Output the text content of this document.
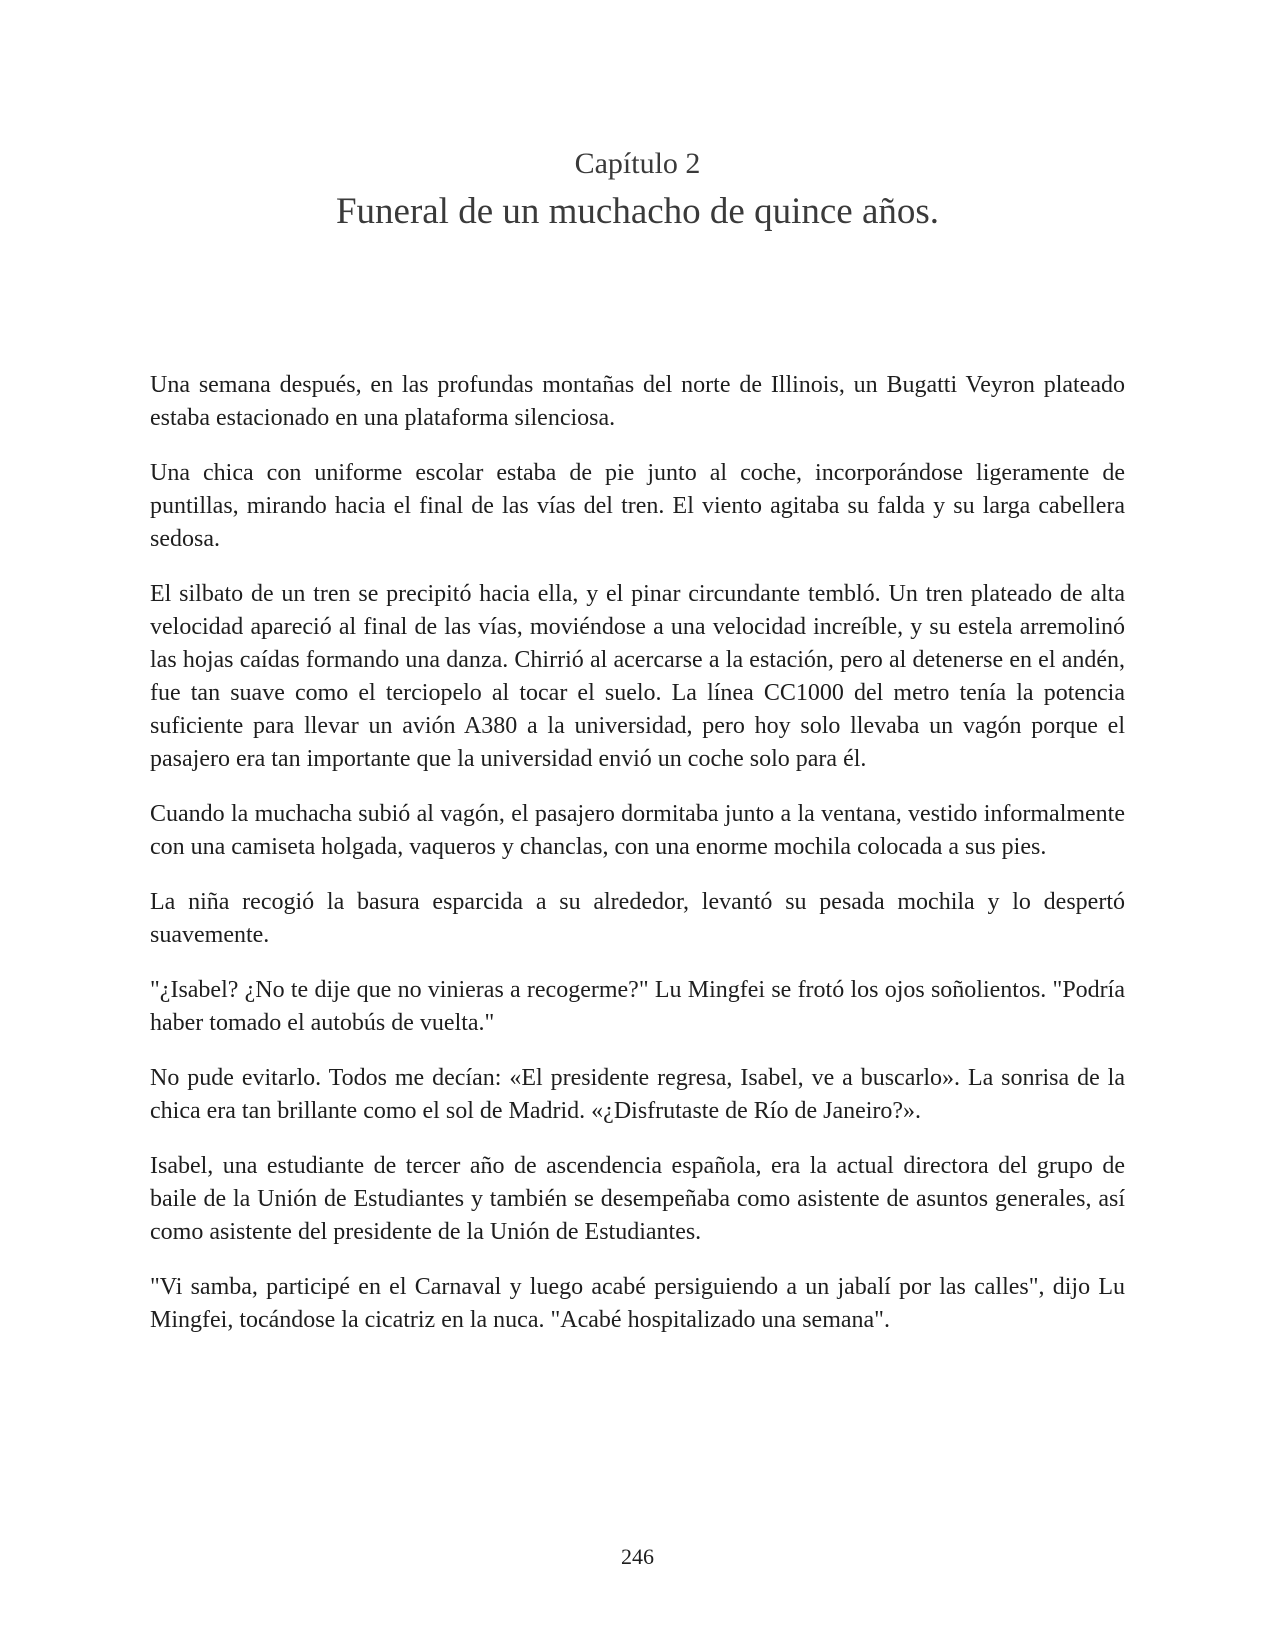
Capítulo 2
Funeral de un muchacho de quince años.

Una semana después, en las profundas montañas del norte de Illinois, un Bugatti Veyron plateado estaba estacionado en una plataforma silenciosa.

Una chica con uniforme escolar estaba de pie junto al coche, incorporándose ligeramente de puntillas, mirando hacia el final de las vías del tren. El viento agitaba su falda y su larga cabellera sedosa.

El silbato de un tren se precipitó hacia ella, y el pinar circundante tembló. Un tren plateado de alta velocidad apareció al final de las vías, moviéndose a una velocidad increíble, y su estela arremolinó las hojas caídas formando una danza. Chirrió al acercarse a la estación, pero al detenerse en el andén, fue tan suave como el terciopelo al tocar el suelo. La línea CC1000 del metro tenía la potencia suficiente para llevar un avión A380 a la universidad, pero hoy solo llevaba un vagón porque el pasajero era tan importante que la universidad envió un coche solo para él.

Cuando la muchacha subió al vagón, el pasajero dormitaba junto a la ventana, vestido informalmente con una camiseta holgada, vaqueros y chanclas, con una enorme mochila colocada a sus pies.

La niña recogió la basura esparcida a su alrededor, levantó su pesada mochila y lo despertó suavemente.

"¿Isabel? ¿No te dije que no vinieras a recogerme?" Lu Mingfei se frotó los ojos soñolientos. "Podría haber tomado el autobús de vuelta."

No pude evitarlo. Todos me decían: «El presidente regresa, Isabel, ve a buscarlo». La sonrisa de la chica era tan brillante como el sol de Madrid. «¿Disfrutaste de Río de Janeiro?».

Isabel, una estudiante de tercer año de ascendencia española, era la actual directora del grupo de baile de la Unión de Estudiantes y también se desempeñaba como asistente de asuntos generales, así como asistente del presidente de la Unión de Estudiantes.

"Vi samba, participé en el Carnaval y luego acabé persiguiendo a un jabalí por las calles", dijo Lu Mingfei, tocándose la cicatriz en la nuca. "Acabé hospitalizado una semana".

246
